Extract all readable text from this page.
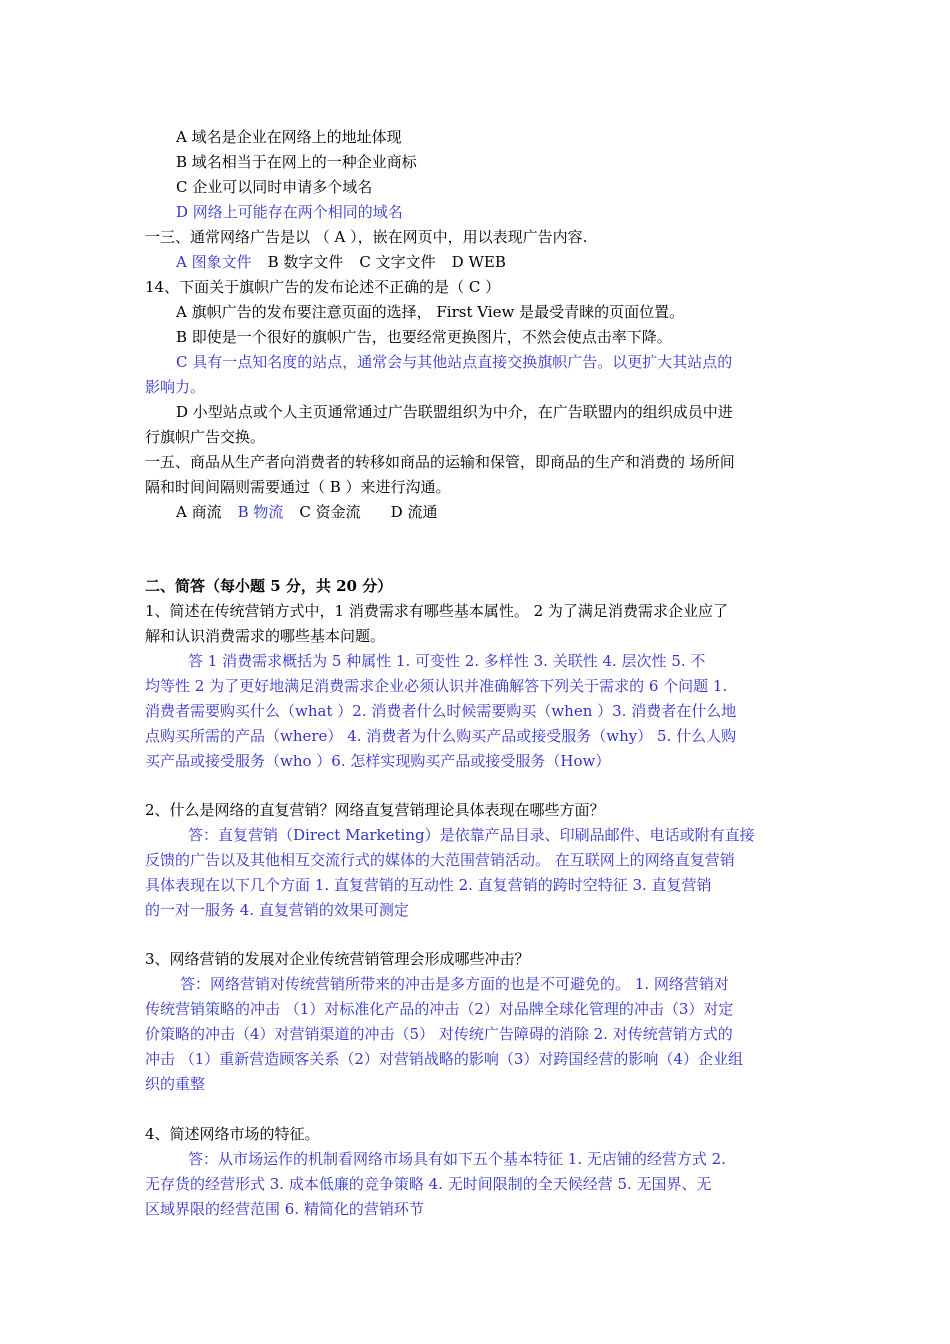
A 域名是企业在网络上的地址体现
B 域名相当于在网上的一种企业商标
C 企业可以同时申请多个域名
D 网络上可能存在两个相同的域名
一三、通常网络广告是以 （ A ），嵌在网页中，用以表现广告内容.
A 图象文件 B 数字文件 C 文字文件 D WEB
14、下面关于旗帜广告的发布论述不正确的是（ C ）
A 旗帜广告的发布要注意页面的选择， First View 是最受青睐的页面位置。
B 即使是一个很好的旗帜广告，也要经常更换图片，不然会使点击率下降。
C 具有一点知名度的站点，通常会与其他站点直接交换旗帜广告。以更扩大其站点的
影响力。
D 小型站点或个人主页通常通过广告联盟组织为中介，在广告联盟内的组织成员中进
行旗帜广告交换。
一五、商品从生产者向消费者的转移如商品的运输和保管，即商品的生产和消费的 场所间
隔和时间间隔则需要通过（ B ）来进行沟通。
A 商流 B 物流 C 资金流 D 流通
二、简答（每小题 5 分，共 20 分）
1、简述在传统营销方式中，1 消费需求有哪些基本属性。 2 为了满足消费需求企业应了
解和认识消费需求的哪些基本问题。
答 1 消费需求概括为 5 种属性 1. 可变性 2. 多样性 3. 关联性 4. 层次性 5. 不
均等性 2 为了更好地满足消费需求企业必须认识并准确解答下列关于需求的 6 个问题 1.
消费者需要购买什么（what ）2. 消费者什么时候需要购买（when ）3. 消费者在什么地
点购买所需的产品（where） 4. 消费者为什么购买产品或接受服务（why） 5. 什么人购
买产品或接受服务（who ）6. 怎样实现购买产品或接受服务（How）
2、什么是网络的直复营销？网络直复营销理论具体表现在哪些方面？
答：直复营销（Direct Marketing）是依靠产品目录、印刷品邮件、电话或附有直接
反馈的广告以及其他相互交流行式的媒体的大范围营销活动。 在互联网上的网络直复营销
具体表现在以下几个方面 1. 直复营销的互动性 2. 直复营销的跨时空特征 3. 直复营销
的一对一服务 4. 直复营销的效果可测定
3、网络营销的发展对企业传统营销管理会形成哪些冲击？
答：网络营销对传统营销所带来的冲击是多方面的也是不可避免的。 1. 网络营销对
传统营销策略的冲击 （1）对标准化产品的冲击（2）对品牌全球化管理的冲击（3）对定
价策略的冲击（4）对营销渠道的冲击（5） 对传统广告障碍的消除 2. 对传统营销方式的
冲击 （1）重新营造顾客关系（2）对营销战略的影响（3）对跨国经营的影响（4）企业组
织的重整
4、简述网络市场的特征。
答：从市场运作的机制看网络市场具有如下五个基本特征 1. 无店铺的经营方式 2.
无存货的经营形式 3. 成本低廉的竞争策略 4. 无时间限制的全天候经营 5. 无国界、无
区域界限的经营范围 6. 精简化的营销环节
